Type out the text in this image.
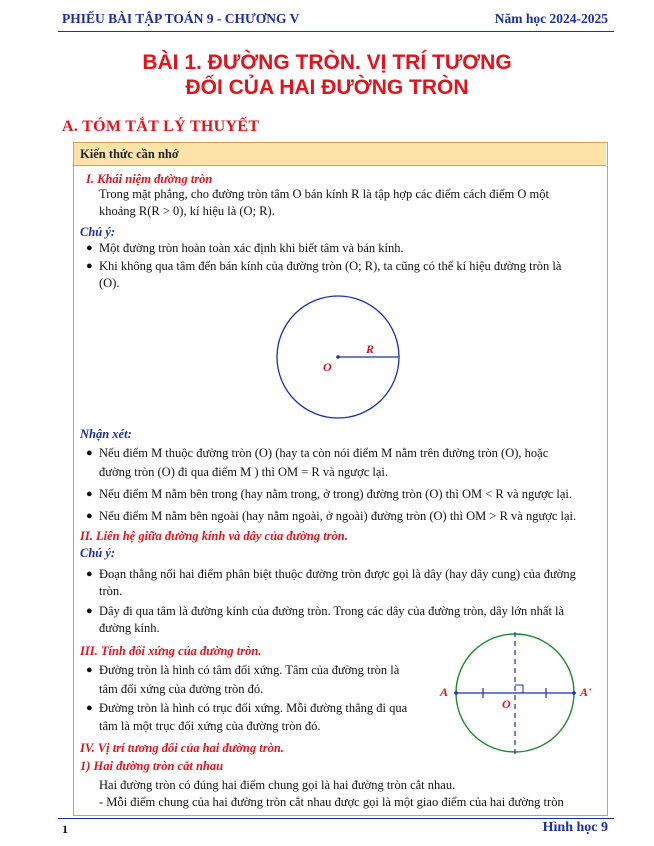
PHIẾU BÀI TẬP TOÁN 9 - CHƯƠNG V	Năm học 2024-2025
BÀI 1. ĐƯỜNG TRÒN. VỊ TRÍ TƯƠNG
ĐỐI CỦA HAI ĐƯỜNG TRÒN
A. TÓM TẮT LÝ THUYẾT
Kiến thức cần nhớ
I. Khái niệm đường tròn
Trong mặt phẳng, cho đường tròn tâm O bán kính R là tập hợp các điểm cách điểm O một
khoảng R(R > 0), kí hiệu là (O; R).
Chú ý:
● Một đường tròn hoàn toàn xác định khi biết tâm và bán kính.
● Khi không qua tâm đến bán kính của đường tròn (O; R), ta cũng có thể kí hiệu đường tròn là
(O).
O
R
Nhận xét:
● Nếu điểm M thuộc đường tròn (O) (hay ta còn nói điểm M nằm trên đường tròn (O), hoặc
đường tròn (O) đi qua điểm M ) thì OM = R và ngược lại.
● Nếu điểm M nằm bên trong (hay nằm trong, ở trong) đường tròn (O) thì OM < R và ngược lại.
● Nếu điểm M nằm bên ngoài (hay nằm ngoài, ở ngoài) đường tròn (O) thì OM > R và ngược lại.
II. Liên hệ giữa đường kính và dây của đường tròn.
Chú ý:
● Đoạn thẳng nối hai điểm phân biệt thuộc đường tròn được gọi là dây (hay dây cung) của đường
tròn.
● Dây đi qua tâm là đường kính của đường tròn. Trong các dây của đường tròn, dây lớn nhất là
đường kính.
III. Tính đối xứng của đường tròn.
● Đường tròn là hình có tâm đối xứng. Tâm của đường tròn là
tâm đối xứng của đường tròn đó.
● Đường tròn là hình có trục đối xứng. Mỗi đường thẳng đi qua
tâm là một trục đối xứng của đường tròn đó.
A	A'
O
IV. Vị trí tương đối của hai đường tròn.
1) Hai đường tròn cắt nhau
Hai đường tròn có đúng hai điểm chung gọi là hai đường tròn cắt nhau.
- Mỗi điểm chung của hai đường tròn cắt nhau được gọi là một giao điểm của hai đường tròn
1	Hình học 9
